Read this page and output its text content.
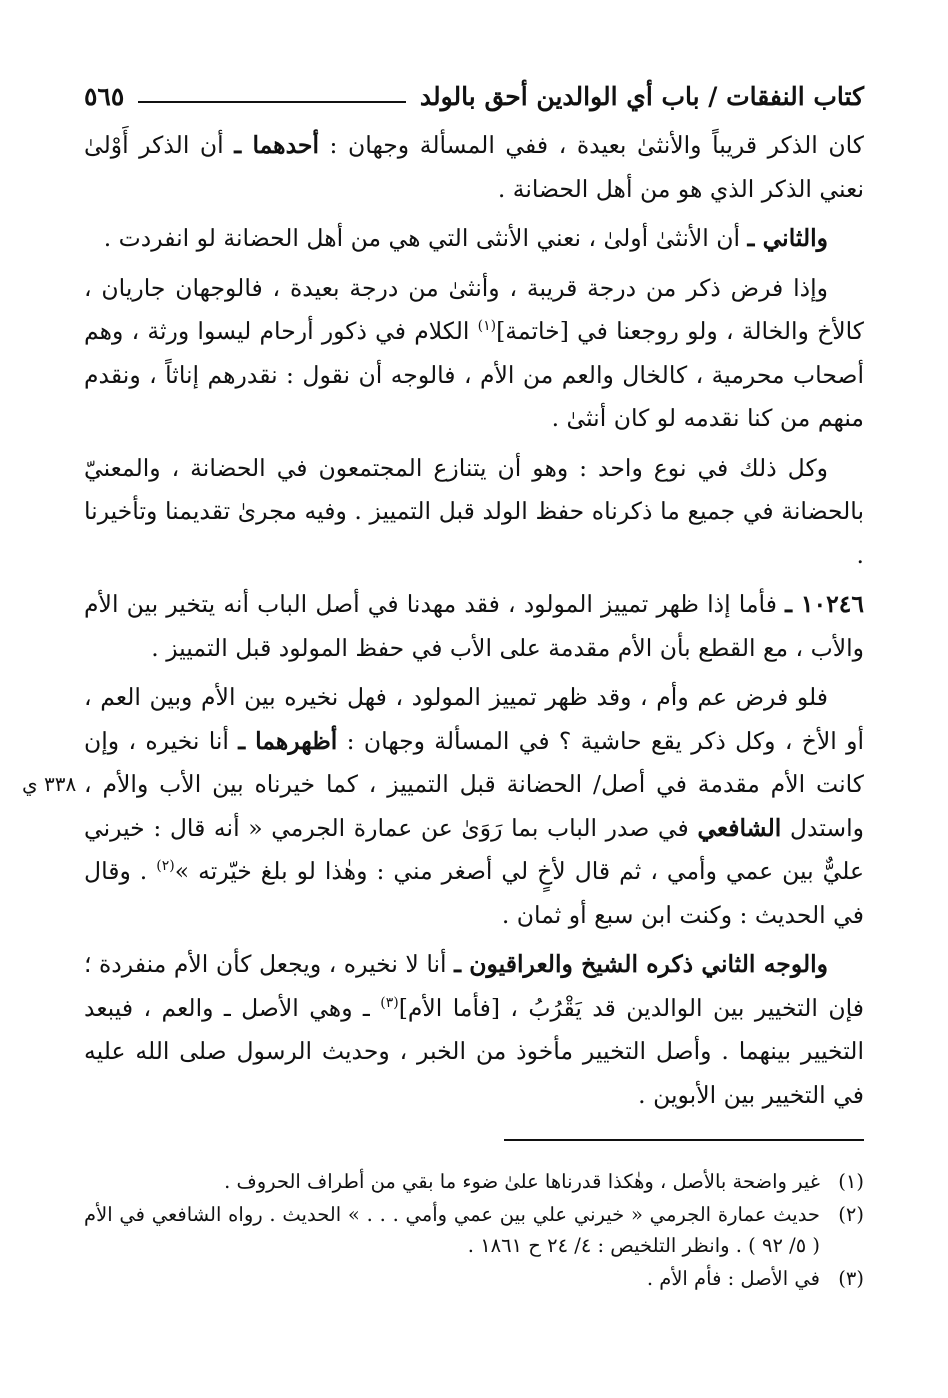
كتاب النفقات / باب أي الوالدين أحق بالولد
٥٦٥
٣٣٨ ي

كان الذكر قريباً والأنثىٰ بعيدة ، ففي المسألة وجهان : أحدهما ـ أن الذكر أَوْلىٰ نعني الذكر الذي هو من أهل الحضانة .

والثاني ـ أن الأنثىٰ أولىٰ ، نعني الأنثى التي هي من أهل الحضانة لو انفردت .

وإذا فرض ذكر من درجة قريبة ، وأنثىٰ من درجة بعيدة ، فالوجهان جاريان ، كالأخ والخالة ، ولو روجعنا في [خاتمة]$^{(١)}$ الكلام في ذكور أرحام ليسوا ورثة ، وهم أصحاب محرمية ، كالخال والعم من الأم ، فالوجه أن نقول : نقدرهم إناثاً ، ونقدم منهم من كنا نقدمه لو كان أنثىٰ .

وكل ذلك في نوع واحد : وهو أن يتنازع المجتمعون في الحضانة ، والمعنيّ بالحضانة في جميع ما ذكرناه حفظ الولد قبل التمييز . وفيه مجرىٰ تقديمنا وتأخيرنا .

١٠٢٤٦ ـ فأما إذا ظهر تمييز المولود ، فقد مهدنا في أصل الباب أنه يتخير بين الأم والأب ، مع القطع بأن الأم مقدمة على الأب في حفظ المولود قبل التمييز .

فلو فرض عم وأم ، وقد ظهر تمييز المولود ، فهل نخيره بين الأم وبين العم ، أو الأخ ، وكل ذكر يقع حاشية ؟ في المسألة وجهان : أظهرهما ـ أنا نخيره ، وإن كانت الأم مقدمة في أصل/ الحضانة قبل التمييز ، كما خيرناه بين الأب والأم ، واستدل الشافعي في صدر الباب بما رَوَىٰ عن عمارة الجرمي « أنه قال : خيرني عليٌّ بين عمي وأمي ، ثم قال لأخٍ لي أصغر مني : وهٰذا لو بلغ خيّرته »$^{(٢)}$ . وقال في الحديث : وكنت ابن سبع أو ثمان .

والوجه الثاني ذكره الشيخ والعراقيون ـ أنا لا نخيره ، ويجعل كأن الأم منفردة ؛ فإن التخيير بين الوالدين قد يَقْرُبُ ، [فأما الأم]$^{(٣)}$ ـ وهي الأصل ـ والعم ، فيبعد التخيير بينهما . وأصل التخيير مأخوذ من الخبر ، وحديث الرسول صلى الله عليه في التخيير بين الأبوين .

(١)
غير واضحة بالأصل ، وهٰكذا قدرناها علىٰ ضوء ما بقي من أطراف الحروف .
(٢)
حديث عمارة الجرمي « خيرني علي بين عمي وأمي . . . » الحديث . رواه الشافعي في الأم ( ٥/ ٩٢ ) . وانظر التلخيص : ٤/ ٢٤ ح ١٨٦١ .
(٣)
في الأصل : فأم الأم .
